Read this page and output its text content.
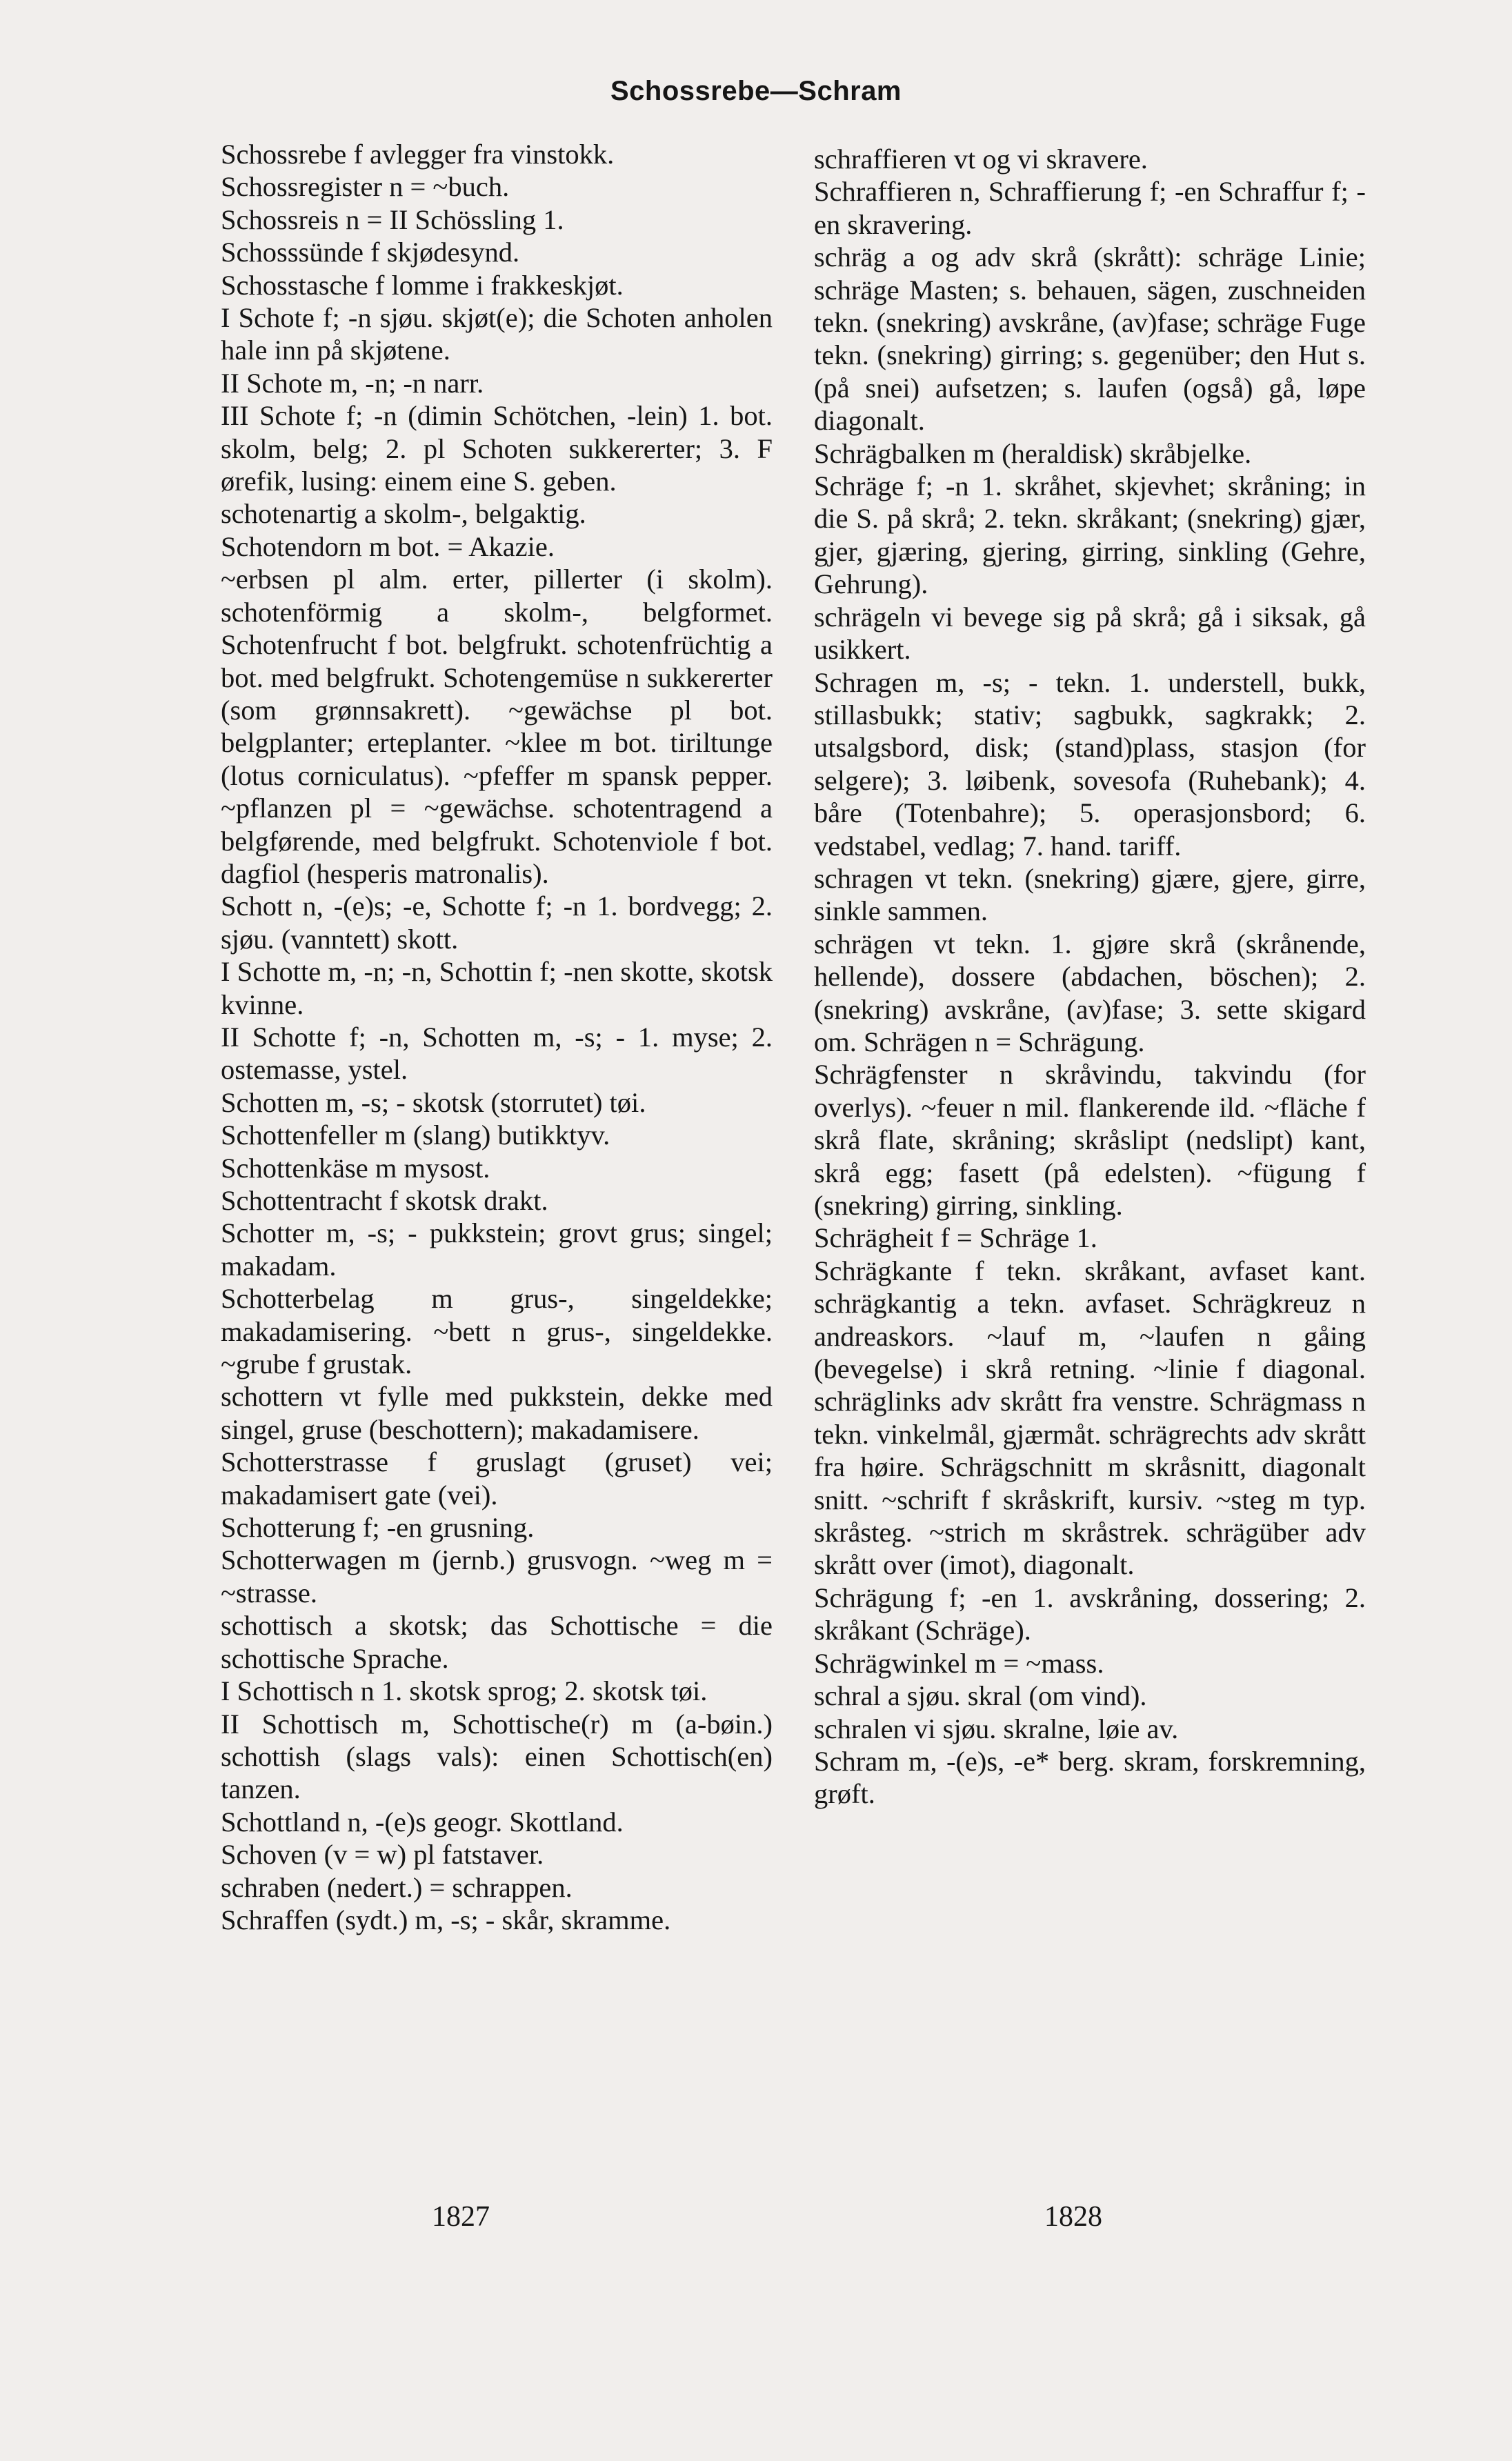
Schossrebe—Schram

Schossrebe f avlegger fra vinstokk.

Schossregister n = ~buch.

Schossreis n = II Schössling 1.

Schosssünde f skjødesynd.

Schosstasche f lomme i frakkeskjøt.

I Schote f; -n sjøu. skjøt(e); die Schoten anholen hale inn på skjøtene.

II Schote m, -n; -n narr.

III Schote f; -n (dimin Schötchen, -lein) 1. bot. skolm, belg; 2. pl Schoten sukkererter; 3. F ørefik, lusing: einem eine S. geben.

schotenartig a skolm-, belgaktig.

Schotendorn m bot. = Akazie.

~erbsen pl alm. erter, pillerter (i skolm). schotenförmig a skolm-, belgformet. Schotenfrucht f bot. belgfrukt. schotenfrüchtig a bot. med belgfrukt. Schotengemüse n sukkererter (som grønnsakrett). ~gewächse pl bot. belgplanter; erteplanter. ~klee m bot. tiriltunge (lotus corniculatus). ~pfeffer m spansk pepper. ~pflanzen pl = ~gewächse. schotentragend a belgførende, med belgfrukt. Schotenviole f bot. dagfiol (hesperis matronalis).

Schott n, -(e)s; -e, Schotte f; -n 1. bordvegg; 2. sjøu. (vanntett) skott.

I Schotte m, -n; -n, Schottin f; -nen skotte, skotsk kvinne.

II Schotte f; -n, Schotten m, -s; - 1. myse; 2. ostemasse, ystel.

Schotten m, -s; - skotsk (storrutet) tøi.

Schottenfeller m (slang) butikktyv.

Schottenkäse m mysost.

Schottentracht f skotsk drakt.

Schotter m, -s; - pukkstein; grovt grus; singel; makadam.

Schotterbelag m grus-, singeldekke; makadamisering. ~bett n grus-, singeldekke. ~grube f grustak.

schottern vt fylle med pukkstein, dekke med singel, gruse (beschottern); makadamisere.

Schotterstrasse f gruslagt (gruset) vei; makadamisert gate (vei).

Schotterung f; -en grusning.

Schotterwagen m (jernb.) grusvogn. ~weg m = ~strasse.

schottisch a skotsk; das Schottische = die schottische Sprache.

I Schottisch n 1. skotsk sprog; 2. skotsk tøi.

II Schottisch m, Schottische(r) m (a-bøin.) schottish (slags vals): einen Schottisch(en) tanzen.

Schottland n, -(e)s geogr. Skottland.

Schoven (v = w) pl fatstaver.

schraben (nedert.) = schrappen.

Schraffen (sydt.) m, -s; - skår, skramme.

schraffieren vt og vi skravere.

Schraffieren n, Schraffierung f; -en Schraffur f; -en skravering.

schräg a og adv skrå (skrått): schräge Linie; schräge Masten; s. behauen, sägen, zuschneiden tekn. (snekring) avskråne, (av)fase; schräge Fuge tekn. (snekring) girring; s. gegenüber; den Hut s. (på snei) aufsetzen; s. laufen (også) gå, løpe diagonalt.

Schrägbalken m (heraldisk) skråbjelke.

Schräge f; -n 1. skråhet, skjevhet; skråning; in die S. på skrå; 2. tekn. skråkant; (snekring) gjær, gjer, gjæring, gjering, girring, sinkling (Gehre, Gehrung).

schrägeln vi bevege sig på skrå; gå i siksak, gå usikkert.

Schragen m, -s; - tekn. 1. understell, bukk, stillasbukk; stativ; sagbukk, sagkrakk; 2. utsalgsbord, disk; (stand)plass, stasjon (for selgere); 3. løibenk, sovesofa (Ruhebank); 4. båre (Totenbahre); 5. operasjonsbord; 6. vedstabel, vedlag; 7. hand. tariff.

schragen vt tekn. (snekring) gjære, gjere, girre, sinkle sammen.

schrägen vt tekn. 1. gjøre skrå (skrånende, hellende), dossere (abdachen, böschen); 2. (snekring) avskråne, (av)fase; 3. sette skigard om. Schrägen n = Schrägung.

Schrägfenster n skråvindu, takvindu (for overlys). ~feuer n mil. flankerende ild. ~fläche f skrå flate, skråning; skråslipt (nedslipt) kant, skrå egg; fasett (på edelsten). ~fügung f (snekring) girring, sinkling.

Schrägheit f = Schräge 1.

Schrägkante f tekn. skråkant, avfaset kant. schrägkantig a tekn. avfaset. Schrägkreuz n andreaskors. ~lauf m, ~laufen n gåing (bevegelse) i skrå retning. ~linie f diagonal. schräglinks adv skrått fra venstre. Schrägmass n tekn. vinkelmål, gjærmåt. schrägrechts adv skrått fra høire. Schrägschnitt m skråsnitt, diagonalt snitt. ~schrift f skråskrift, kursiv. ~steg m typ. skråsteg. ~strich m skråstrek. schrägüber adv skrått over (imot), diagonalt.

Schrägung f; -en 1. avskråning, dossering; 2. skråkant (Schräge).

Schrägwinkel m = ~mass.

schral a sjøu. skral (om vind).

schralen vi sjøu. skralne, løie av.

Schram m, -(e)s, -e* berg. skram, forskremning, grøft.

1827	1828
